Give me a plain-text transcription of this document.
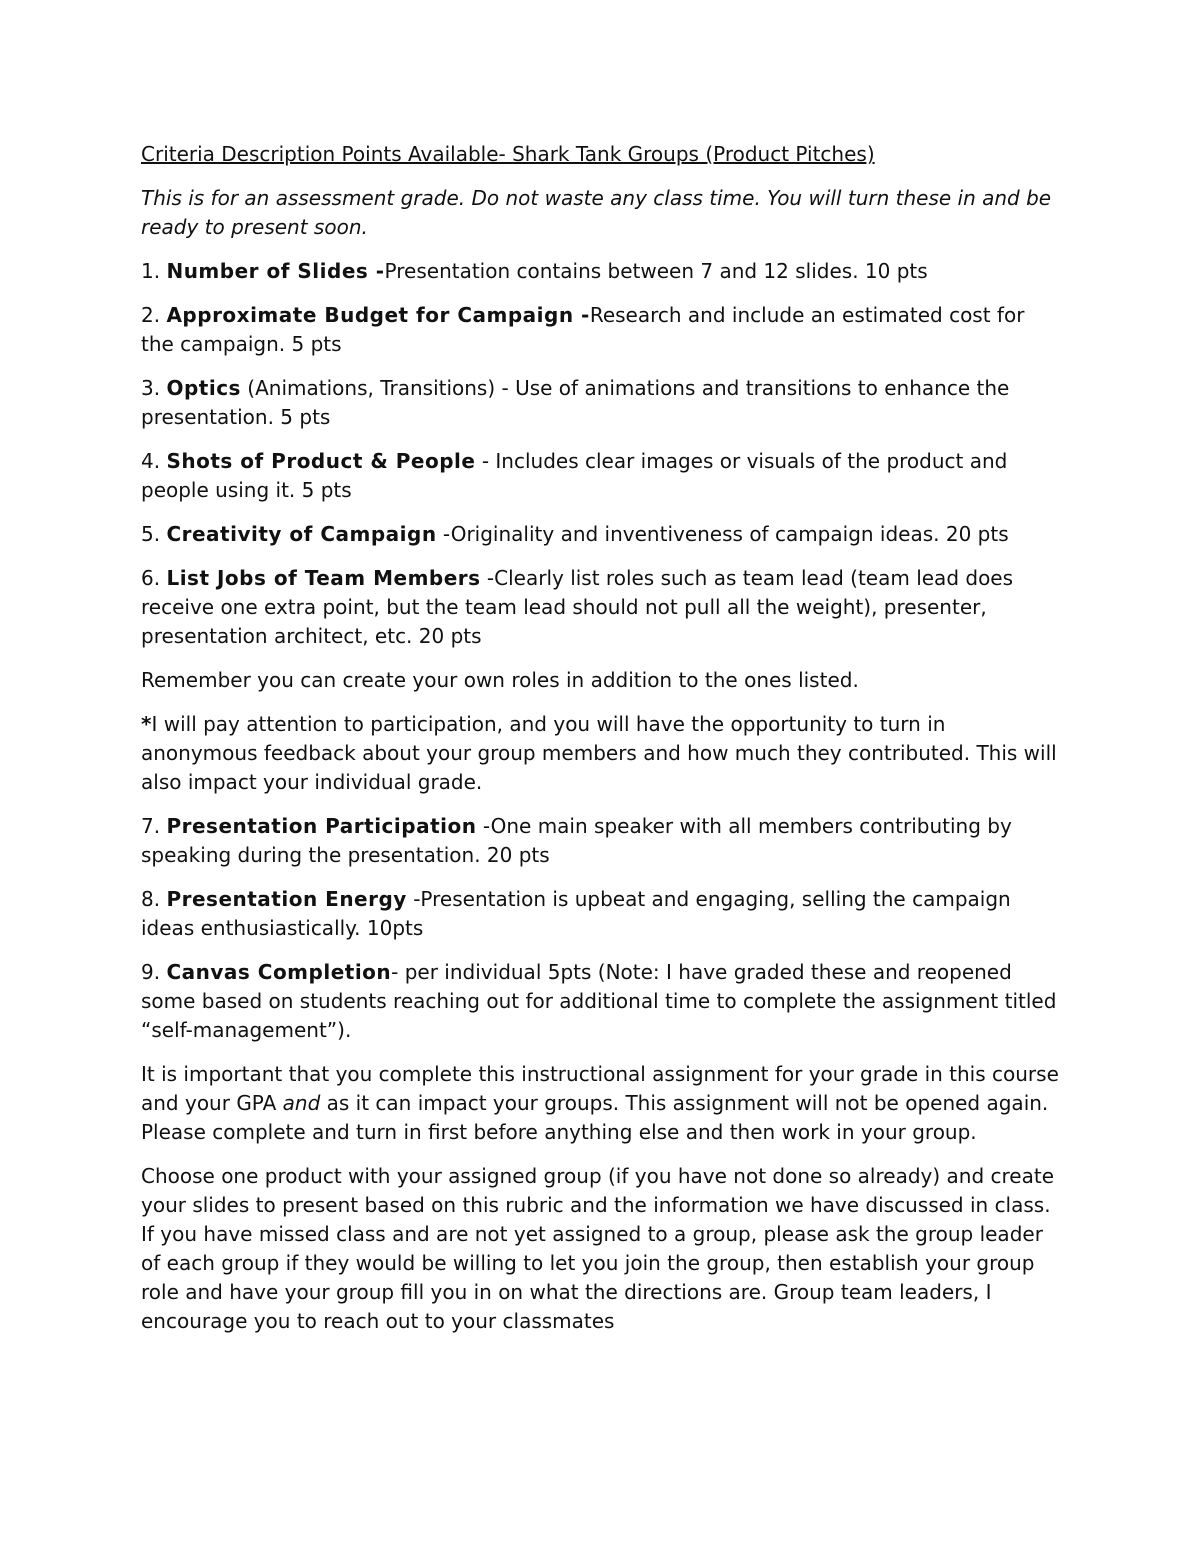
Criteria Description Points Available- Shark Tank Groups (Product Pitches)

This is for an assessment grade. Do not waste any class time. You will turn these in and be ready to present soon.

1. Number of Slides -Presentation contains between 7 and 12 slides. 10 pts

2. Approximate Budget for Campaign -Research and include an estimated cost for the campaign. 5 pts

3. Optics (Animations, Transitions) - Use of animations and transitions to enhance the presentation. 5 pts

4. Shots of Product & People - Includes clear images or visuals of the product and people using it. 5 pts

5. Creativity of Campaign -Originality and inventiveness of campaign ideas. 20 pts

6. List Jobs of Team Members -Clearly list roles such as team lead (team lead does receive one extra point, but the team lead should not pull all the weight), presenter, presentation architect, etc. 20 pts

Remember you can create your own roles in addition to the ones listed.

*I will pay attention to participation, and you will have the opportunity to turn in anonymous feedback about your group members and how much they contributed. This will also impact your individual grade.

7. Presentation Participation -One main speaker with all members contributing by speaking during the presentation. 20 pts

8. Presentation Energy -Presentation is upbeat and engaging, selling the campaign ideas enthusiastically. 10pts

9. Canvas Completion- per individual 5pts (Note: I have graded these and reopened some based on students reaching out for additional time to complete the assignment titled “self-management”).

It is important that you complete this instructional assignment for your grade in this course and your GPA and as it can impact your groups. This assignment will not be opened again. Please complete and turn in first before anything else and then work in your group.

Choose one product with your assigned group (if you have not done so already) and create your slides to present based on this rubric and the information we have discussed in class. If you have missed class and are not yet assigned to a group, please ask the group leader of each group if they would be willing to let you join the group, then establish your group role and have your group fill you in on what the directions are. Group team leaders, I encourage you to reach out to your classmates
